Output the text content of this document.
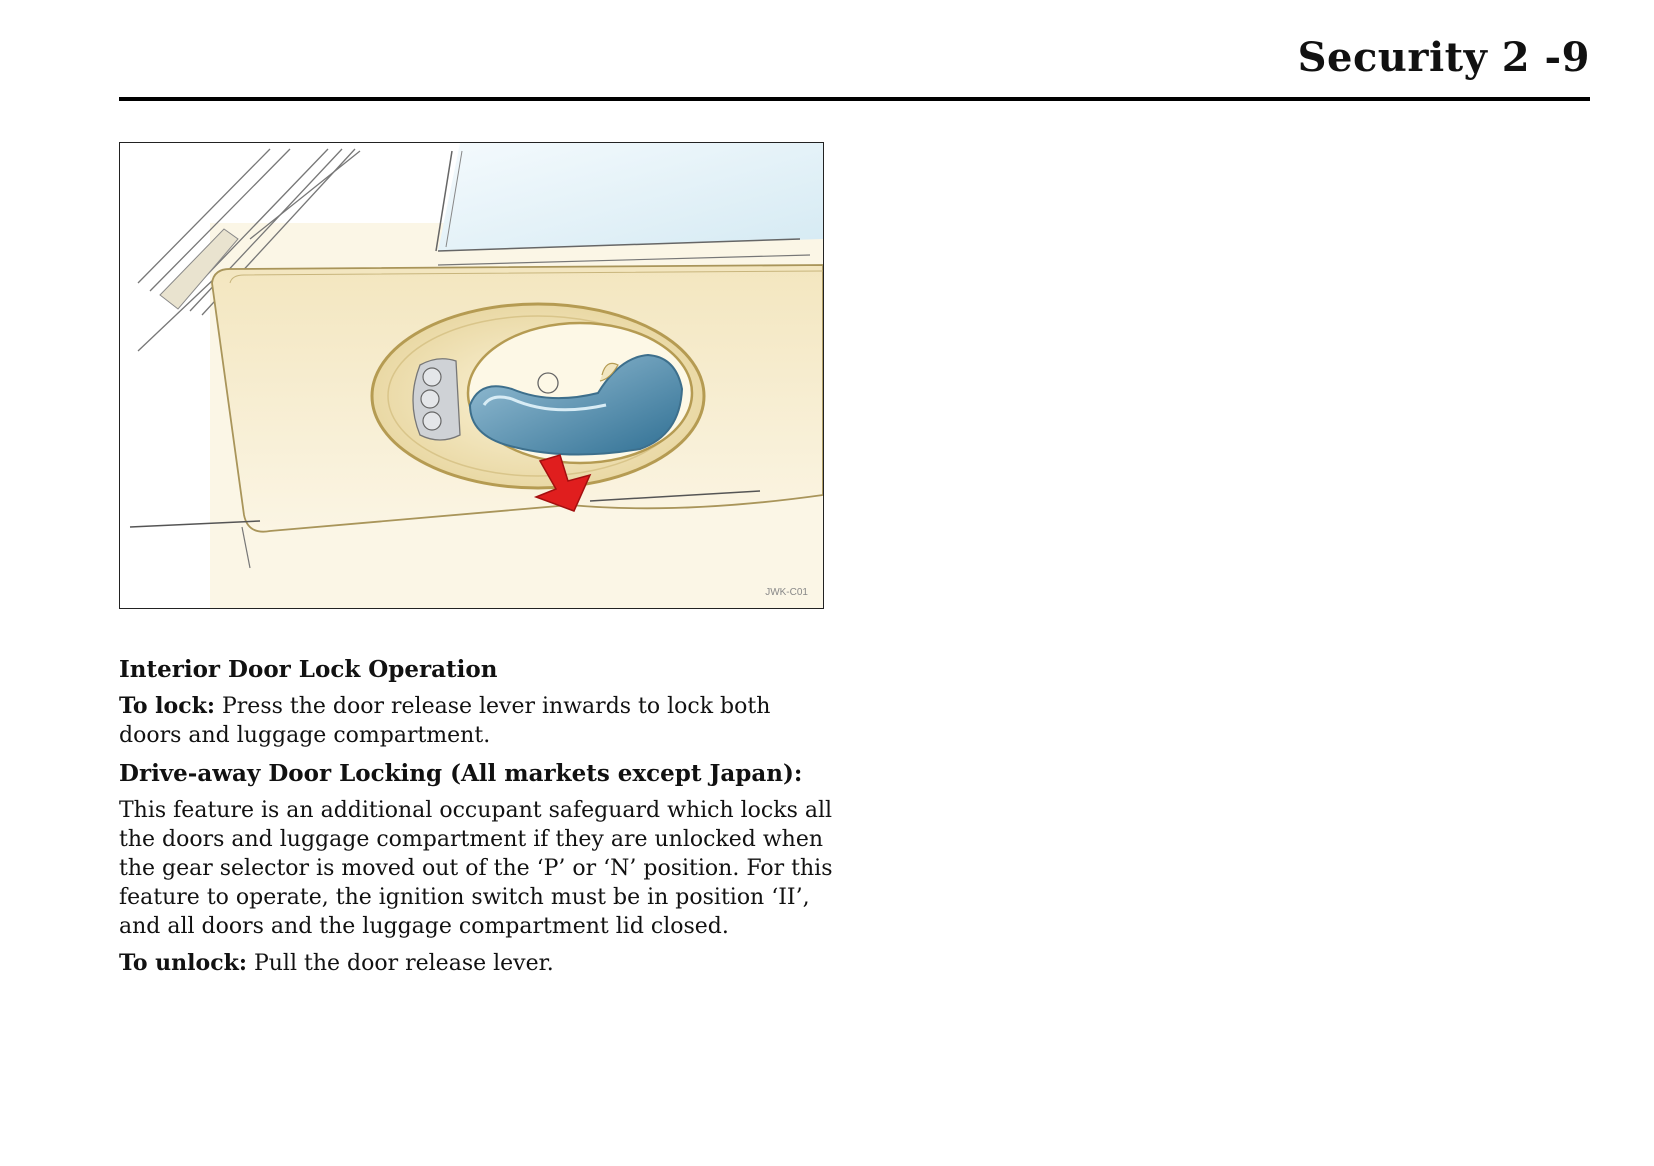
Security 2 -9
JWK-C01

Interior Door Lock Operation

To lock: Press the door release lever inwards to lock both doors and luggage compartment.

Drive-away Door Locking (All markets except Japan):

This feature is an additional occupant safeguard which locks all the doors and luggage compartment if they are unlocked when the gear selector is moved out of the ‘P’ or ‘N’ position. For this feature to operate, the ignition switch must be in position ‘II’, and all doors and the luggage compartment lid closed.

To unlock: Pull the door release lever.
